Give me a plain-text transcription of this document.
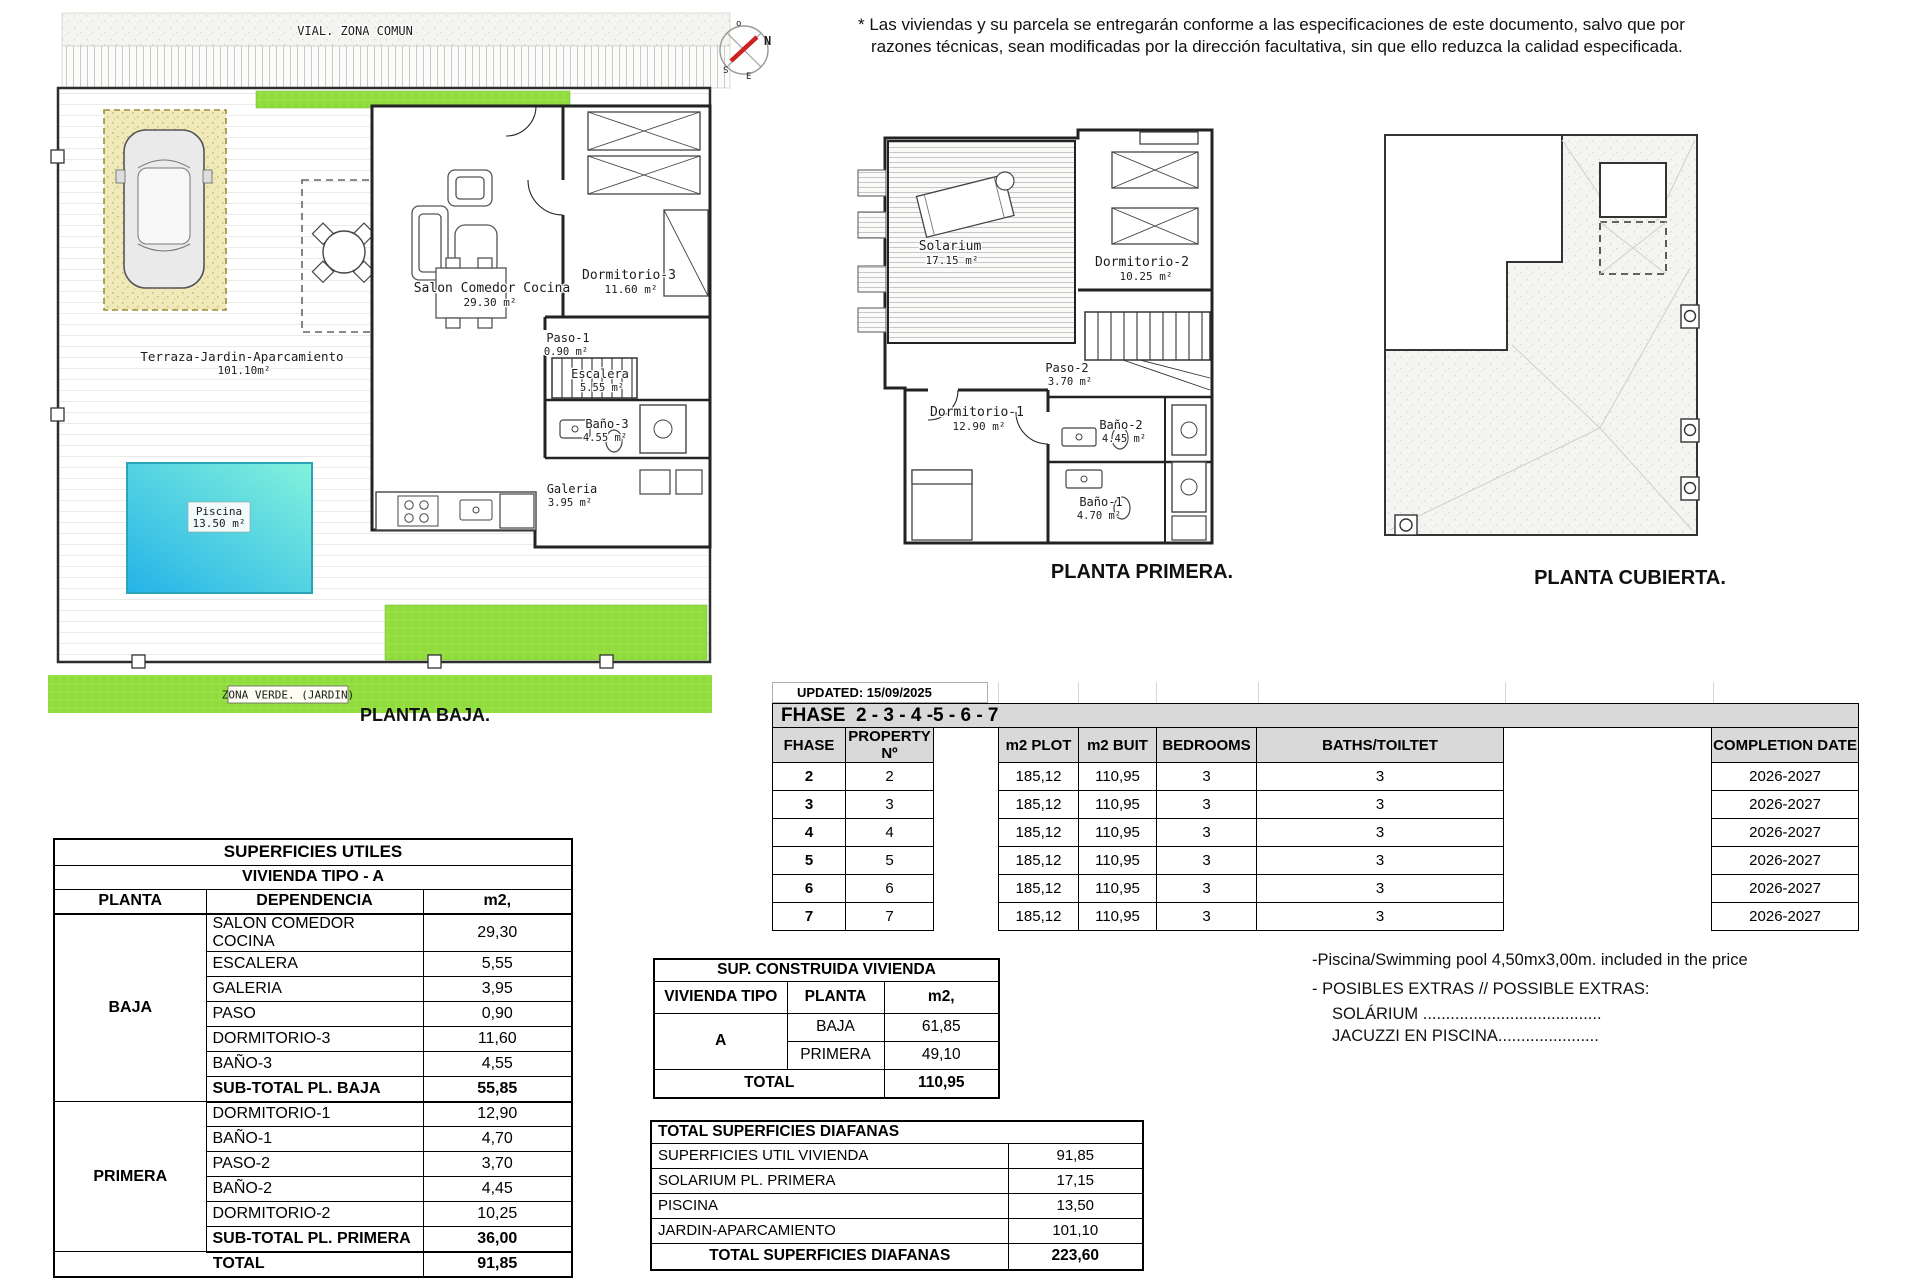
VIAL. ZONA COMUN
Piscina
13.50 m²
ZONA VERDE. (JARDIN)
Terraza-Jardin-Aparcamiento
101.10m²
Salon Comedor Cocina
29.30 m²
Dormitorio-3
11.60 m²
Paso-1
0.90 m²
Escalera
5.55 m²
Baño-3
4.55 m²
Galeria
3.95 m²
PLANTA BAJA.
N
o
S
E
Solarium
17.15 m²	Dormitorio-2
10.25 m²
Paso-2
3.70 m²
Dormitorio-1
12.90 m²	Baño-2
4.45 m²
Baño-1
4.70 m²
PLANTA PRIMERA.	PLANTA CUBIERTA.
* Las viviendas y su parcela se entregarán conforme a las especificaciones de este documento, salvo que por
razones técnicas, sean modificadas por la dirección facultativa, sin que ello reduzca la calidad especificada.
UPDATED: 15/09/2025
FHASE  2 - 3 - 4 -5 - 6 - 7								
FHASE	PROPERTY Nº		m2 PLOT	m2 BUIT	BEDROOMS	BATHS/TOILTET		COMPLETION DATE
2	2		185,12	110,95	3	3		2026-2027
3	3		185,12	110,95	3	3		2026-2027
4	4		185,12	110,95	3	3		2026-2027
5	5		185,12	110,95	3	3		2026-2027
6	6		185,12	110,95	3	3		2026-2027
7	7		185,12	110,95	3	3		2026-2027
SUPERFICIES UTILES		
VIVIENDA TIPO - A		
PLANTA	DEPENDENCIA	m2,
BAJA	SALON COMEDOR COCINA	29,30
	ESCALERA	5,55
	GALERIA	3,95
	PASO	0,90
	DORMITORIO-3	11,60
	BAÑO-3	4,55
	SUB-TOTAL PL. BAJA	55,85
PRIMERA	DORMITORIO-1	12,90
	BAÑO-1	4,70
	PASO-2	3,70
	BAÑO-2	4,45
	DORMITORIO-2	10,25
	SUB-TOTAL PL. PRIMERA	36,00
TOTAL		91,85
SUP. CONSTRUIDA VIVIENDA		
VIVIENDA TIPO	PLANTA	m2,
A	BAJA	61,85
	PRIMERA	49,10
TOTAL		110,95
TOTAL SUPERFICIES DIAFANAS	
SUPERFICIES UTIL VIVIENDA	91,85
SOLARIUM PL. PRIMERA	17,15
PISCINA	13,50
JARDIN-APARCAMIENTO	101,10
TOTAL SUPERFICIES DIAFANAS	223,60
-Piscina/Swimming pool 4,50mx3,00m. included in the price
- POSIBLES EXTRAS // POSSIBLE EXTRAS:
SOLÁRIUM .......................................
JACUZZI EN PISCINA......................
